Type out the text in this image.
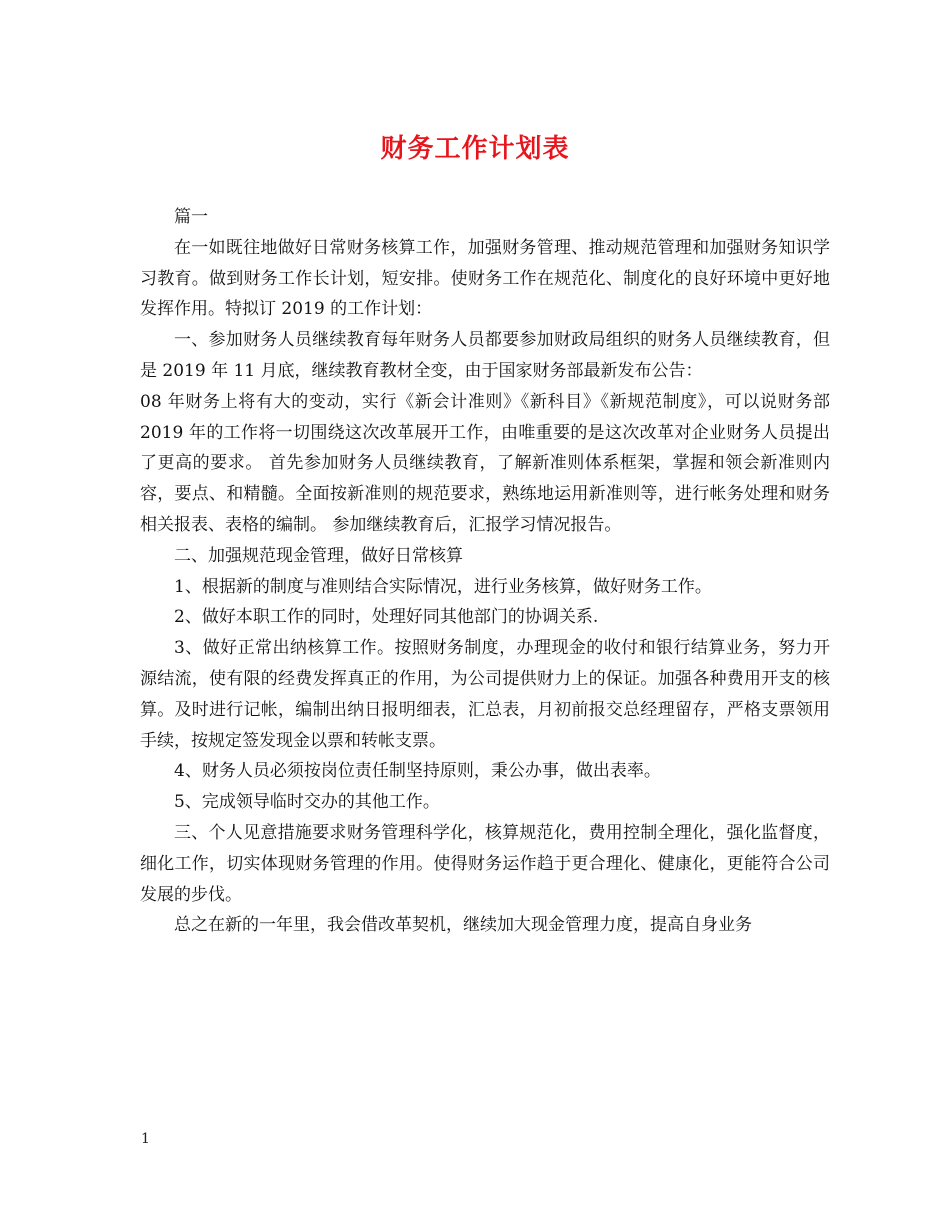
财务工作计划表

篇一

在一如既往地做好日常财务核算工作，加强财务管理、推动规范管理和加强财务知识学习教育。做到财务工作长计划，短安排。使财务工作在规范化、制度化的良好环境中更好地发挥作用。特拟订 2019 的工作计划：

一、参加财务人员继续教育每年财务人员都要参加财政局组织的财务人员继续教育，但是 2019 年 11 月底，继续教育教材全变，由于国家财务部最新发布公告：

08 年财务上将有大的变动，实行《新会计准则》《新科目》《新规范制度》，可以说财务部 2019 年的工作将一切围绕这次改革展开工作，由唯重要的是这次改革对企业财务人员提出了更高的要求。 首先参加财务人员继续教育，了解新准则体系框架，掌握和领会新准则内容，要点、和精髓。全面按新准则的规范要求，熟练地运用新准则等，进行帐务处理和财务相关报表、表格的编制。 参加继续教育后，汇报学习情况报告。

二、加强规范现金管理，做好日常核算

1、根据新的制度与准则结合实际情况，进行业务核算，做好财务工作。

2、做好本职工作的同时，处理好同其他部门的协调关系.

3、做好正常出纳核算工作。按照财务制度，办理现金的收付和银行结算业务，努力开源结流，使有限的经费发挥真正的作用，为公司提供财力上的保证。加强各种费用开支的核算。及时进行记帐，编制出纳日报明细表，汇总表，月初前报交总经理留存，严格支票领用手续，按规定签发现金以票和转帐支票。

4、财务人员必须按岗位责任制坚持原则，秉公办事，做出表率。

5、完成领导临时交办的其他工作。

三、个人见意措施要求财务管理科学化，核算规范化，费用控制全理化，强化监督度，细化工作，切实体现财务管理的作用。使得财务运作趋于更合理化、健康化，更能符合公司发展的步伐。

总之在新的一年里，我会借改革契机，继续加大现金管理力度，提高自身业务

1
